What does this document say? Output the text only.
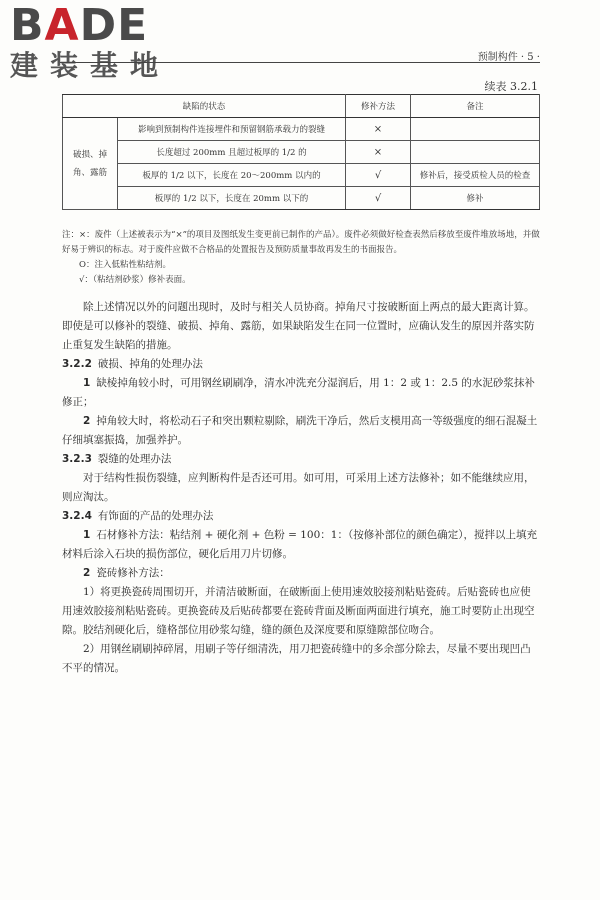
BADE
建装基地	预制构件 · 5 ·
续表 3.2.1
缺陷的状态		修补方法	备注
破损、掉角、露筋	影响到预制构件连接埋件和预留钢筋承载力的裂缝	×	
	长度超过 200mm 且超过板厚的 1/2 的	×	
	板厚的 1/2 以下，长度在 20～200mm 以内的	√	修补后，接受质检人员的检查
	板厚的 1/2 以下，长度在 20mm 以下的	√	修补

注：×：废件（上述被表示为“×”的项目及图纸发生变更前已制作的产品）。废件必须做好检查表然后移放至废件堆放场地，并做好易于辨识的标志。对于废件应做不合格品的处置报告及预防质量事故再发生的书面报告。

O：注入低粘性粘结剂。

√：（粘结剂砂浆）修补表面。

除上述情况以外的问题出现时，及时与相关人员协商。掉角尺寸按破断面上两点的最大距离计算。即使是可以修补的裂缝、破损、掉角、露筋，如果缺陷发生在同一位置时，应确认发生的原因并落实防止重复发生缺陷的措施。

3.2.2 破损、掉角的处理办法

1 缺棱掉角较小时，可用钢丝刷刷净，清水冲洗充分湿润后，用 1：2 或 1：2.5 的水泥砂浆抹补修正；

2 掉角较大时，将松动石子和突出颗粒剔除，刷洗干净后，然后支模用高一等级强度的细石混凝土仔细填塞振捣，加强养护。

3.2.3 裂缝的处理办法

对于结构性损伤裂缝，应判断构件是否还可用。如可用，可采用上述方法修补；如不能继续应用，则应淘汰。

3.2.4 有饰面的产品的处理办法

1 石材修补方法：粘结剂 + 硬化剂 + 色粉 = 100：1：（按修补部位的颜色确定），搅拌以上填充材料后涂入石块的损伤部位，硬化后用刀片切修。

2 瓷砖修补方法：

1）将更换瓷砖周围切开，并清洁破断面，在破断面上使用速效胶接剂粘贴瓷砖。后贴瓷砖也应使用速效胶接剂粘贴瓷砖。更换瓷砖及后贴砖都要在瓷砖背面及断面两面进行填充，施工时要防止出现空隙。胶结剂硬化后，缝格部位用砂浆勾缝，缝的颜色及深度要和原缝隙部位吻合。

2）用钢丝刷刷掉碎屑，用刷子等仔细清洗，用刀把瓷砖缝中的多余部分除去，尽量不要出现凹凸不平的情况。
